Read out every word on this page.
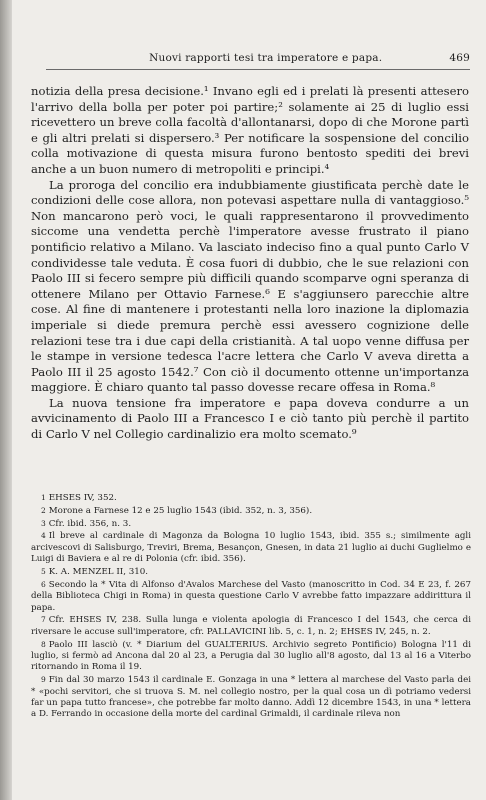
Nuovi rapporti tesi tra imperatore e papa.	469

notizia della presa decisione.¹ Invano egli ed i prelati là presenti attesero l'arrivo della bolla per poter poi partire;² solamente ai 25 di luglio essi ricevettero un breve colla facoltà d'allontanarsi, dopo di che Morone partì e gli altri prelati si dispersero.³ Per notificare la sospensione del concilio colla motivazione di questa misura furono bentosto spediti dei brevi anche a un buon numero di metropoliti e principi.⁴

La proroga del concilio era indubbiamente giustificata perchè date le condizioni delle cose allora, non potevasi aspettare nulla di vantaggioso.⁵ Non mancarono però voci, le quali rappresentarono il provvedimento siccome una vendetta perchè l'imperatore avesse frustrato il piano pontificio relativo a Milano. Va lasciato indeciso fino a qual punto Carlo V condividesse tale veduta. È cosa fuori di dubbio, che le sue relazioni con Paolo III si fecero sempre più difficili quando scomparve ogni speranza di ottenere Milano per Ottavio Farnese.⁶ E s'aggiunsero parecchie altre cose. Al fine di mantenere i protestanti nella loro inazione la diplomazia imperiale si diede premura perchè essi avessero cognizione delle relazioni tese tra i due capi della cristianità. A tal uopo venne diffusa per le stampe in versione tedesca l'acre lettera che Carlo V aveva diretta a Paolo III il 25 agosto 1542.⁷ Con ciò il documento ottenne un'importanza maggiore. È chiaro quanto tal passo dovesse recare offesa in Roma.⁸

La nuova tensione fra imperatore e papa doveva condurre a un avvicinamento di Paolo III a Francesco I e ciò tanto più perchè il partito di Carlo V nel Collegio cardinalizio era molto scemato.⁹

1 EHSES IV, 352.

2 Morone a Farnese 12 e 25 luglio 1543 (ibid. 352, n. 3, 356).

3 Cfr. ibid. 356, n. 3.

4 Il breve al cardinale di Magonza da Bologna 10 luglio 1543, ibid. 355 s.; similmente agli arcivescovi di Salisburgo, Treviri, Brema, Besançon, Gnesen, in data 21 luglio ai duchi Guglielmo e Luigi di Baviera e al re di Polonia (cfr. ibid. 356).

5 K. A. MENZEL II, 310.

6 Secondo la * Vita di Alfonso d'Avalos Marchese del Vasto (manoscritto in Cod. 34 E 23, f. 267 della Biblioteca Chigi in Roma) in questa questione Carlo V avrebbe fatto impazzare addirittura il papa.

7 Cfr. EHSES IV, 238. Sulla lunga e violenta apologia di Francesco I del 1543, che cerca di riversare le accuse sull'imperatore, cfr. PALLAVICINI lib. 5, c. 1, n. 2; EHSES IV, 245, n. 2.

8 Paolo III lasciò (v. * Diarium del GUALTERIUS. Archivio segreto Pontificio) Bologna l'11 di luglio, si fermò ad Ancona dal 20 al 23, a Perugia dal 30 luglio all'8 agosto, dal 13 al 16 a Viterbo ritornando in Roma il 19.

9 Fin dal 30 marzo 1543 il cardinale E. Gonzaga in una * lettera al marchese del Vasto parla dei * «pochi servitori, che si truova S. M. nel collegio nostro, per la qual cosa un dì potriamo vedersi far un papa tutto francese», che potrebbe far molto danno. Addì 12 dicembre 1543, in una * lettera a D. Ferrando in occasione della morte del cardinal Grimaldi, il cardinale rileva non
